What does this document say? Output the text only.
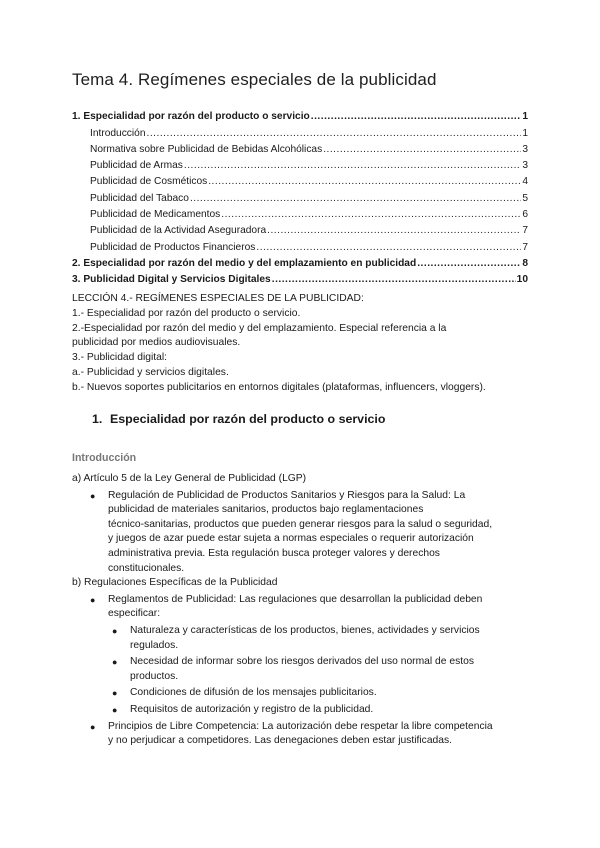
Tema 4. Regímenes especiales de la publicidad
1. Especialidad por razón del producto o servicio .....	1
Introducción .....	1
Normativa sobre Publicidad de Bebidas Alcohólicas .....	3
Publicidad de Armas .....	3
Publicidad de Cosméticos .....	4
Publicidad del Tabaco .....	5
Publicidad de Medicamentos .....	6
Publicidad de la Actividad Aseguradora .....	7
Publicidad de Productos Financieros .....	7
2. Especialidad por razón del medio y del emplazamiento en publicidad .....	8
3. Publicidad Digital y Servicios Digitales .....	10
LECCIÓN 4.- REGÍMENES ESPECIALES DE LA PUBLICIDAD:
1.- Especialidad por razón del producto o servicio.
2.-Especialidad por razón del medio y del emplazamiento. Especial referencia a la
publicidad por medios audiovisuales.
3.- Publicidad digital:
a.- Publicidad y servicios digitales.
b.- Nuevos soportes publicitarios en entornos digitales (plataformas, influencers, vloggers).
1. Especialidad por razón del producto o servicio
Introducción
a) Artículo 5 de la Ley General de Publicidad (LGP)
● Regulación de Publicidad de Productos Sanitarios y Riesgos para la Salud: La
publicidad de materiales sanitarios, productos bajo reglamentaciones
técnico-sanitarias, productos que pueden generar riesgos para la salud o seguridad,
y juegos de azar puede estar sujeta a normas especiales o requerir autorización
administrativa previa. Esta regulación busca proteger valores y derechos
constitucionales.
b) Regulaciones Específicas de la Publicidad
● Reglamentos de Publicidad: Las regulaciones que desarrollan la publicidad deben
especificar:
● Naturaleza y características de los productos, bienes, actividades y servicios
regulados.
● Necesidad de informar sobre los riesgos derivados del uso normal de estos
productos.
● Condiciones de difusión de los mensajes publicitarios.
● Requisitos de autorización y registro de la publicidad.
● Principios de Libre Competencia: La autorización debe respetar la libre competencia
y no perjudicar a competidores. Las denegaciones deben estar justificadas.
